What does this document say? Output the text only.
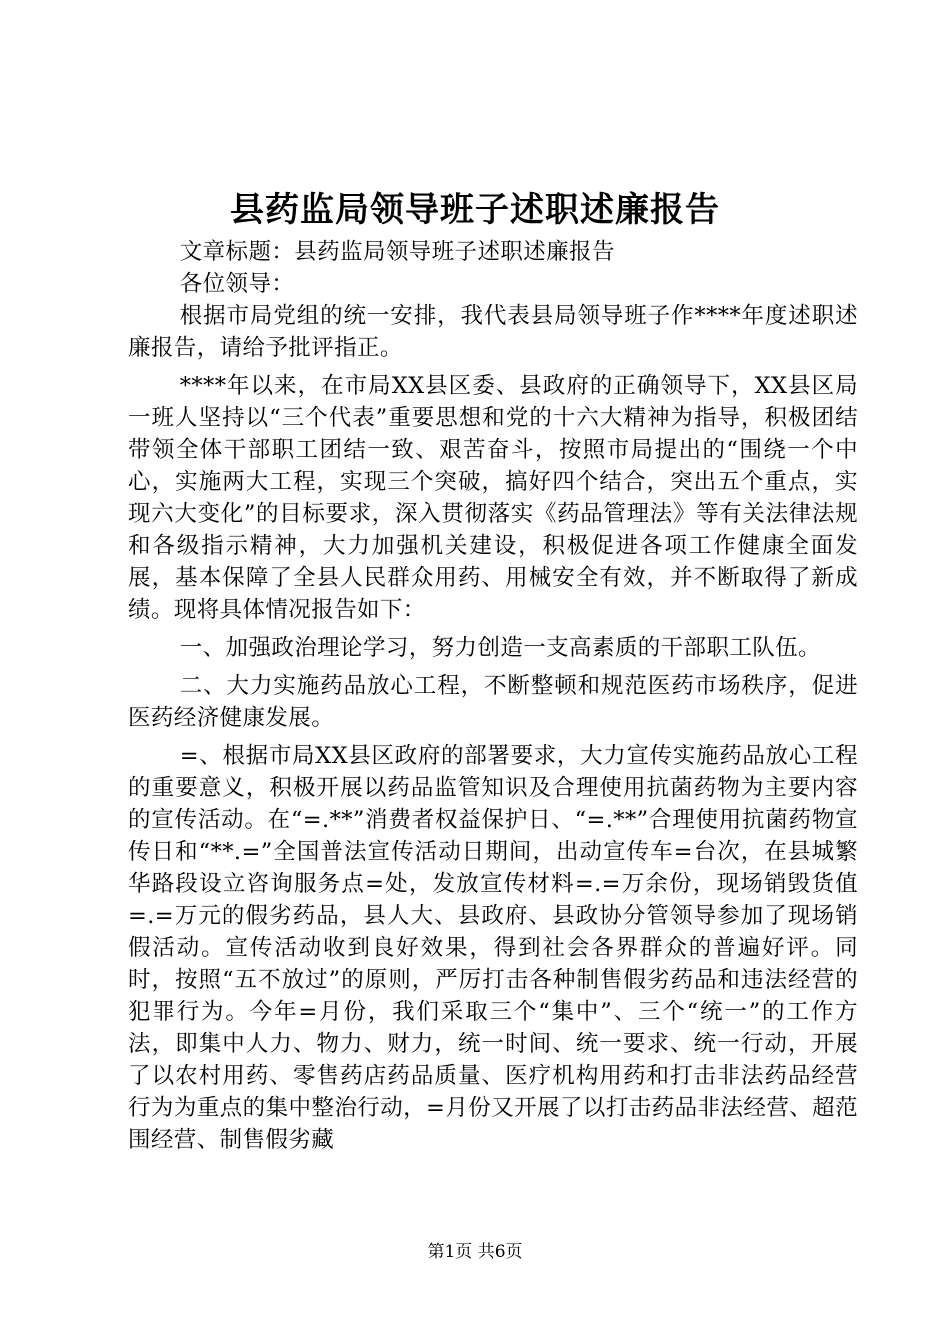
县药监局领导班子述职述廉报告

文章标题：县药监局领导班子述职述廉报告

各位领导：

根据市局党组的统一安排，我代表县局领导班子作****年度述职述廉报告，请给予批评指正。

****年以来，在市局XX县区委、县政府的正确领导下，XX县区局一班人坚持以“三个代表”重要思想和党的十六大精神为指导，积极团结带领全体干部职工团结一致、艰苦奋斗，按照市局提出的“围绕一个中心，实施两大工程，实现三个突破，搞好四个结合，突出五个重点，实现六大变化”的目标要求，深入贯彻落实《药品管理法》等有关法律法规和各级指示精神，大力加强机关建设，积极促进各项工作健康全面发展，基本保障了全县人民群众用药、用械安全有效，并不断取得了新成绩。现将具体情况报告如下：

一、加强政治理论学习，努力创造一支高素质的干部职工队伍。

二、大力实施药品放心工程，不断整顿和规范医药市场秩序，促进医药经济健康发展。

=、根据市局XX县区政府的部署要求，大力宣传实施药品放心工程的重要意义，积极开展以药品监管知识及合理使用抗菌药物为主要内容的宣传活动。在“=.**”消费者权益保护日、“=.**”合理使用抗菌药物宣传日和“**.=”全国普法宣传活动日期间，出动宣传车=台次，在县城繁华路段设立咨询服务点=处，发放宣传材料=.=万余份，现场销毁货值=.=万元的假劣药品，县人大、县政府、县政协分管领导参加了现场销假活动。宣传活动收到良好效果，得到社会各界群众的普遍好评。同时，按照“五不放过”的原则，严厉打击各种制售假劣药品和违法经营的犯罪行为。今年=月份，我们采取三个“集中”、三个“统一”的工作方法，即集中人力、物力、财力，统一时间、统一要求、统一行动，开展了以农村用药、零售药店药品质量、医疗机构用药和打击非法药品经营行为为重点的集中整治行动，=月份又开展了以打击药品非法经营、超范围经营、制售假劣藏

第1页 共6页
